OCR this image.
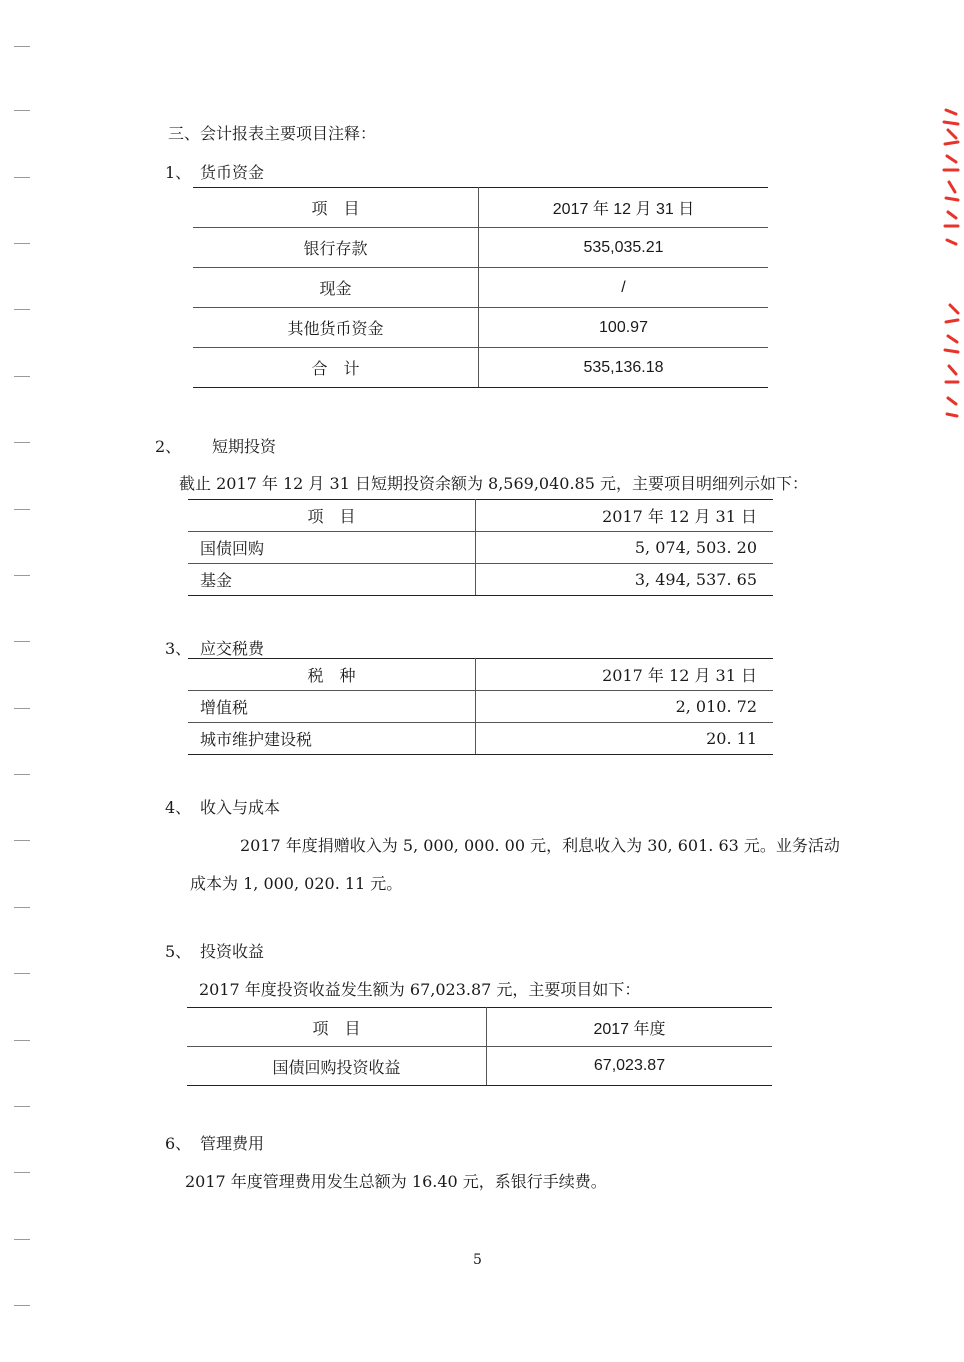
三、会计报表主要项目注释：
1、 货币资金
项　目	2017 年 12 月 31 日
银行存款	535,035.21
现金	/
其他货币资金	100.97
合　计	535,136.18
2、 短期投资
截止 2017 年 12 月 31 日短期投资余额为 8,569,040.85 元，主要项目明细列示如下：
项　目	2017 年 12 月 31 日
国债回购	5, 074, 503. 20
基金	3, 494, 537. 65
3、 应交税费
税　种	2017 年 12 月 31 日
增值税	2, 010. 72
城市维护建设税	20. 11
4、 收入与成本
2017 年度捐赠收入为 5, 000, 000. 00 元，利息收入为 30, 601. 63 元。业务活动
成本为 1, 000, 020. 11 元。
5、 投资收益
2017 年度投资收益发生额为 67,023.87 元，主要项目如下：
项　目	2017 年度
国债回购投资收益	67,023.87
6、 管理费用
2017 年度管理费用发生总额为 16.40 元，系银行手续费。
5
